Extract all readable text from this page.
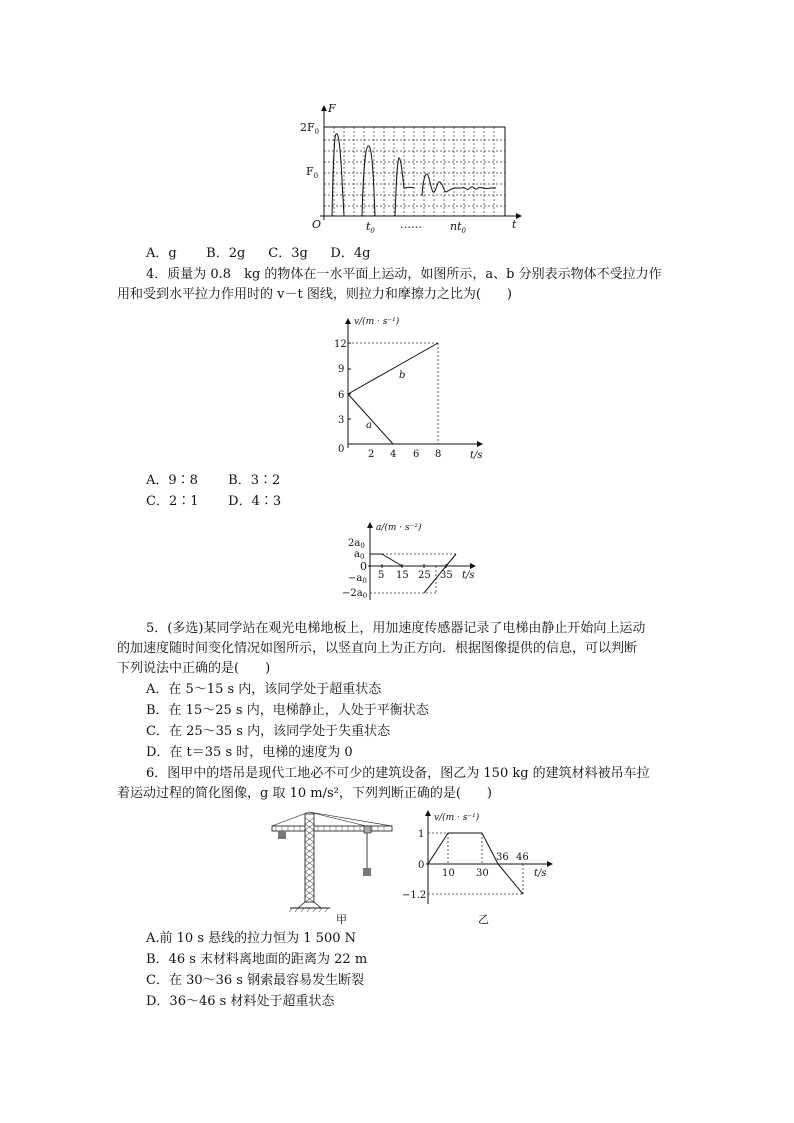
F
$2F_0$
$F_0$
O	$t_0$ ……	$nt_0$	t
A．g B．2g C．3g D．4g
4．质量为 0.8　kg 的物体在一水平面上运动，如图所示，a、b 分别表示物体不受拉力作
用和受到水平拉力作用时的 v－t 图线，则拉力和摩擦力之比为(　　)
v/(m · s⁻¹)
12
9
6
3
0 2 4 6 8	t/s
a
b
A．9∶8 B．3∶2
C．2∶1 D．4∶3
a/(m · s⁻²)
$2a_0$
$a_0$
0
$-a_0$
$-2a_0$
5 15 25 35 t/s
5．(多选)某同学站在观光电梯地板上，用加速度传感器记录了电梯由静止开始向上运动
的加速度随时间变化情况如图所示，以竖直向上为正方向．根据图像提供的信息，可以判断
下列说法中正确的是(　　)
A．在 5～15 s 内，该同学处于超重状态
B．在 15～25 s 内，电梯静止，人处于平衡状态
C．在 25～35 s 内，该同学处于失重状态
D．在 t＝35 s 时，电梯的速度为 0
6．图甲中的塔吊是现代工地必不可少的建筑设备，图乙为 150 kg 的建筑材料被吊车拉
着运动过程的简化图像，g 取 10 m/s²，下列判断正确的是(　　)
甲
v/(m · s⁻¹)
1
0
−1.2
10 30
36 46
t/s
乙
A.前 10 s 悬线的拉力恒为 1 500 N
B．46 s 末材料离地面的距离为 22 m
C．在 30～36 s 钢索最容易发生断裂
D．36～46 s 材料处于超重状态
